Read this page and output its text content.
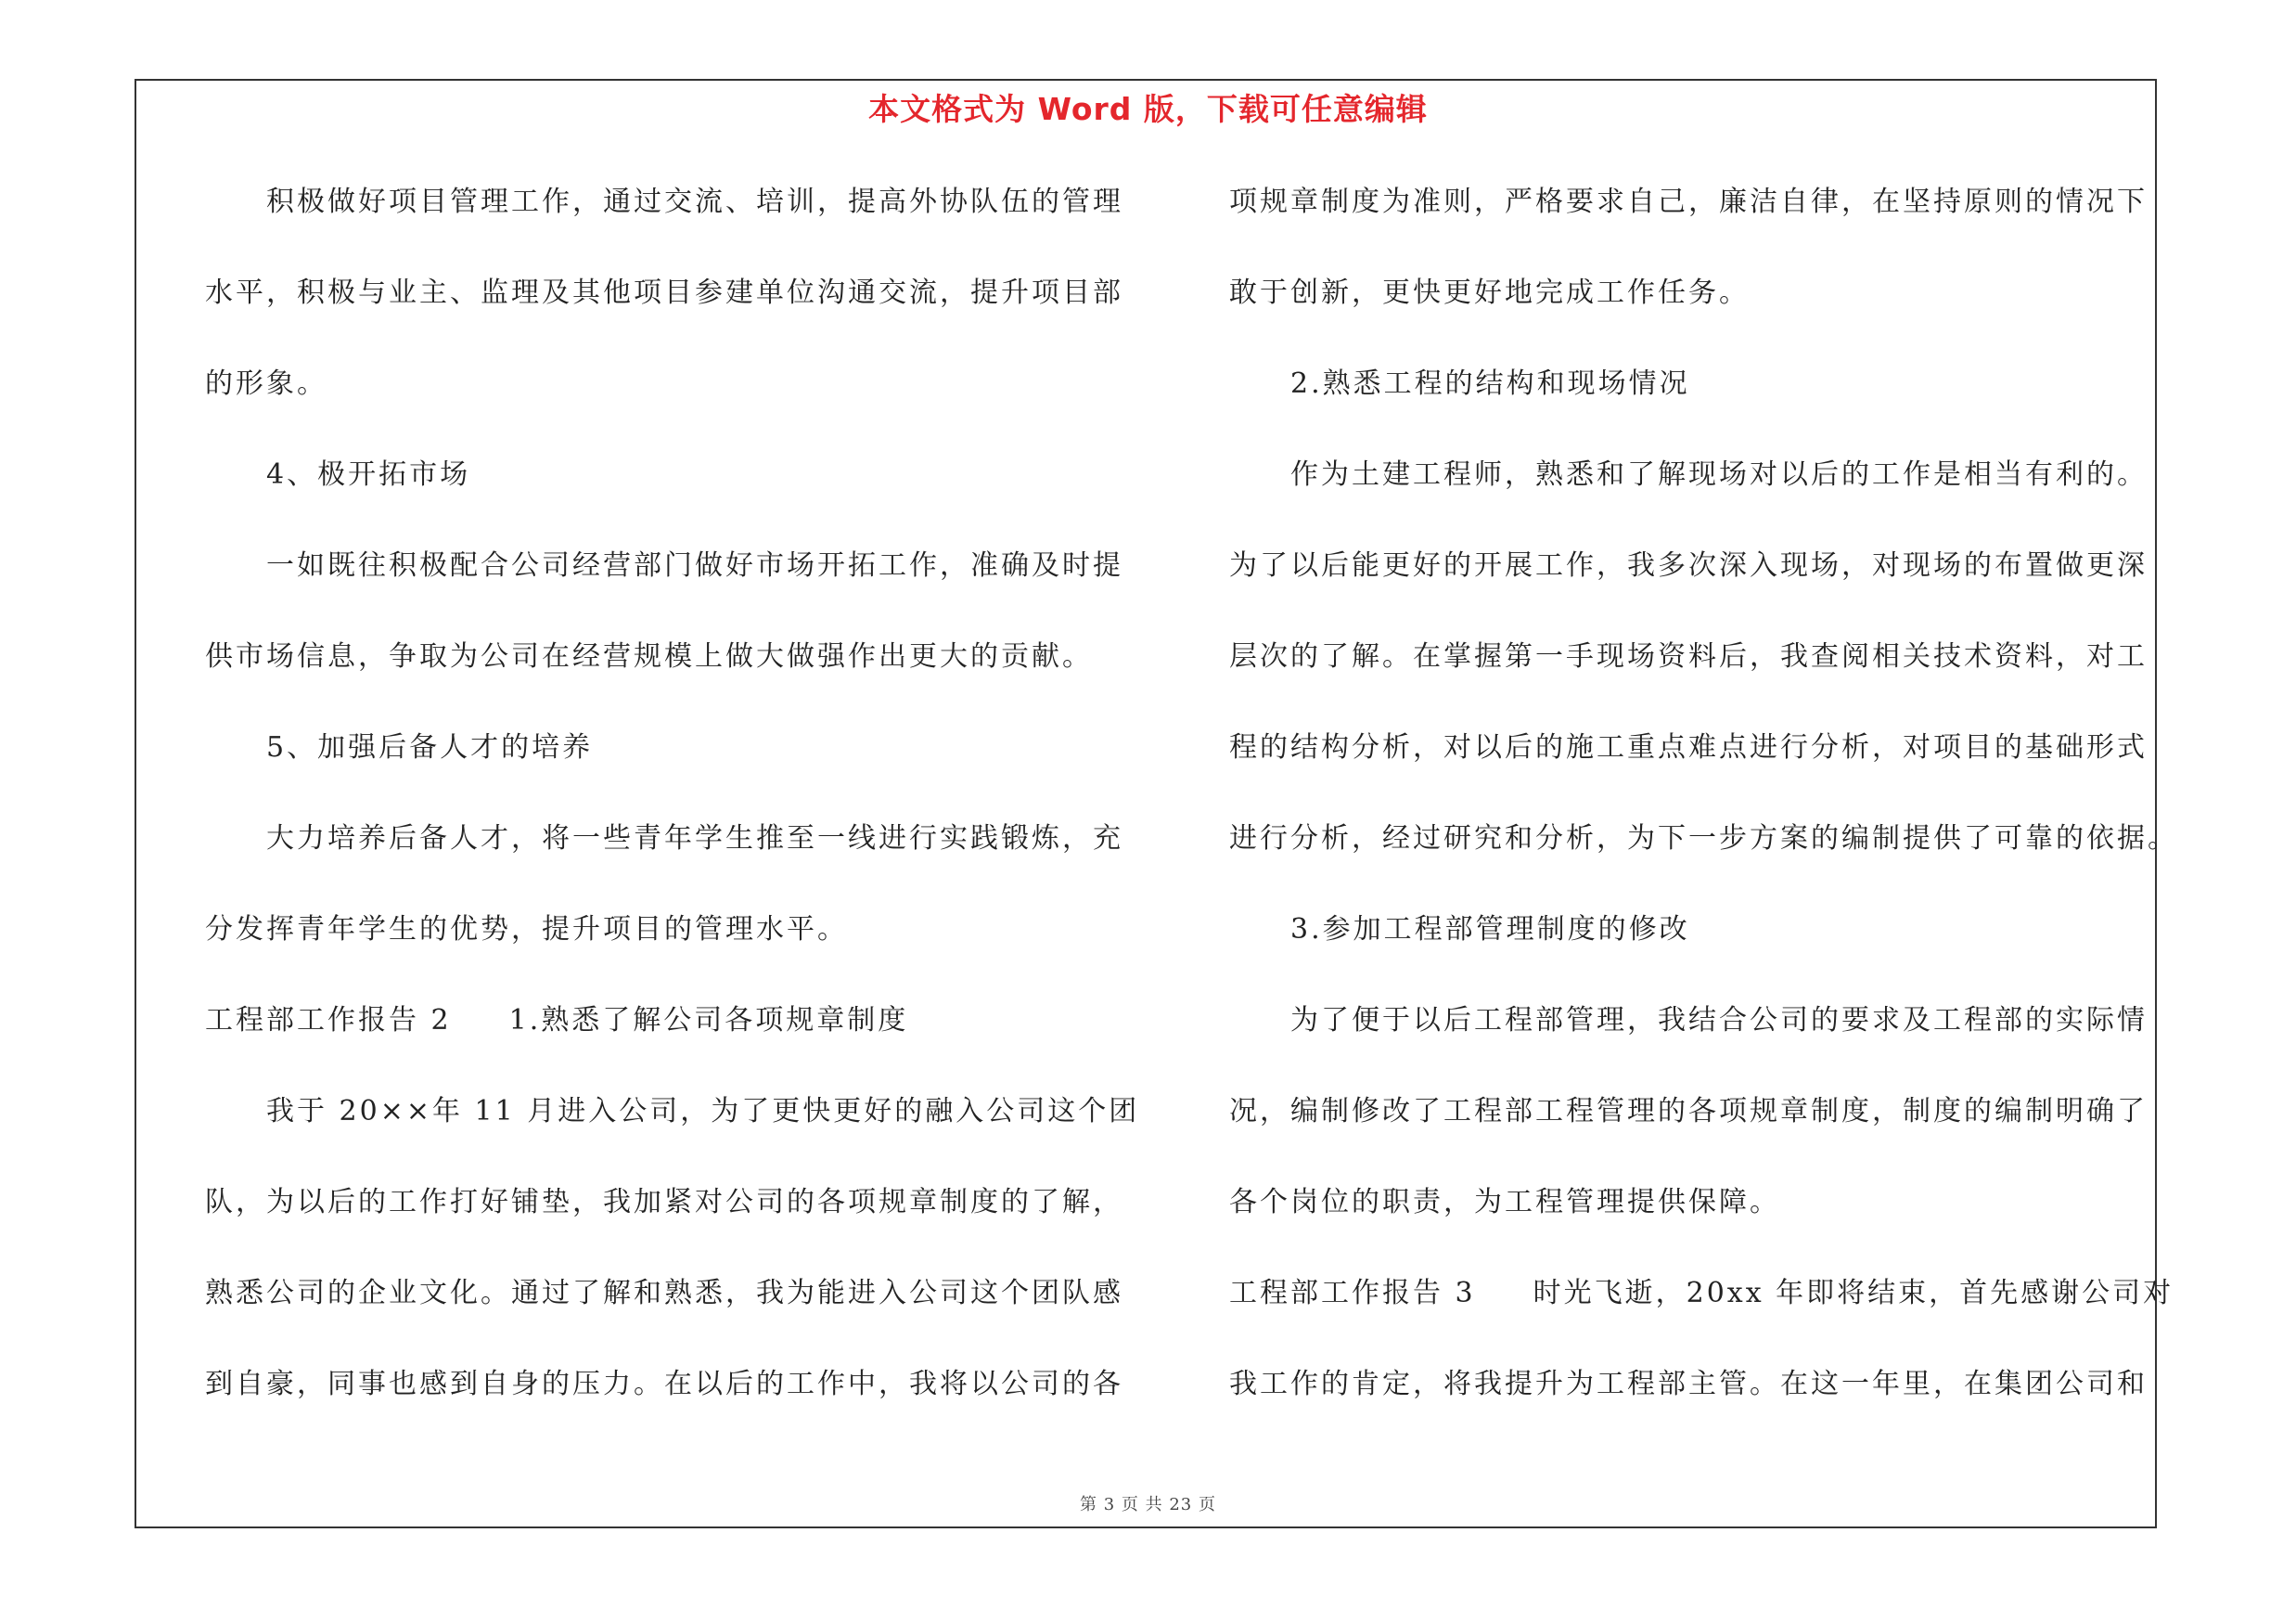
本文格式为 Word 版，下载可任意编辑
积极做好项目管理工作，通过交流、培训，提高外协队伍的管理
水平，积极与业主、监理及其他项目参建单位沟通交流，提升项目部
的形象。
4、极开拓市场
一如既往积极配合公司经营部门做好市场开拓工作，准确及时提
供市场信息，争取为公司在经营规模上做大做强作出更大的贡献。
5、加强后备人才的培养
大力培养后备人才，将一些青年学生推至一线进行实践锻炼，充
分发挥青年学生的优势，提升项目的管理水平。
工程部工作报告 2 1.熟悉了解公司各项规章制度
我于 20××年 11 月进入公司，为了更快更好的融入公司这个团
队，为以后的工作打好铺垫，我加紧对公司的各项规章制度的了解，
熟悉公司的企业文化。通过了解和熟悉，我为能进入公司这个团队感
到自豪，同事也感到自身的压力。在以后的工作中，我将以公司的各
项规章制度为准则，严格要求自己，廉洁自律，在坚持原则的情况下
敢于创新，更快更好地完成工作任务。
2.熟悉工程的结构和现场情况
作为土建工程师，熟悉和了解现场对以后的工作是相当有利的。
为了以后能更好的开展工作，我多次深入现场，对现场的布置做更深
层次的了解。在掌握第一手现场资料后，我查阅相关技术资料，对工
程的结构分析，对以后的施工重点难点进行分析，对项目的基础形式
进行分析，经过研究和分析，为下一步方案的编制提供了可靠的依据。
3.参加工程部管理制度的修改
为了便于以后工程部管理，我结合公司的要求及工程部的实际情
况，编制修改了工程部工程管理的各项规章制度，制度的编制明确了
各个岗位的职责，为工程管理提供保障。
工程部工作报告 3 时光飞逝，20xx 年即将结束，首先感谢公司对
我工作的肯定，将我提升为工程部主管。在这一年里，在集团公司和
第 3 页 共 23 页
